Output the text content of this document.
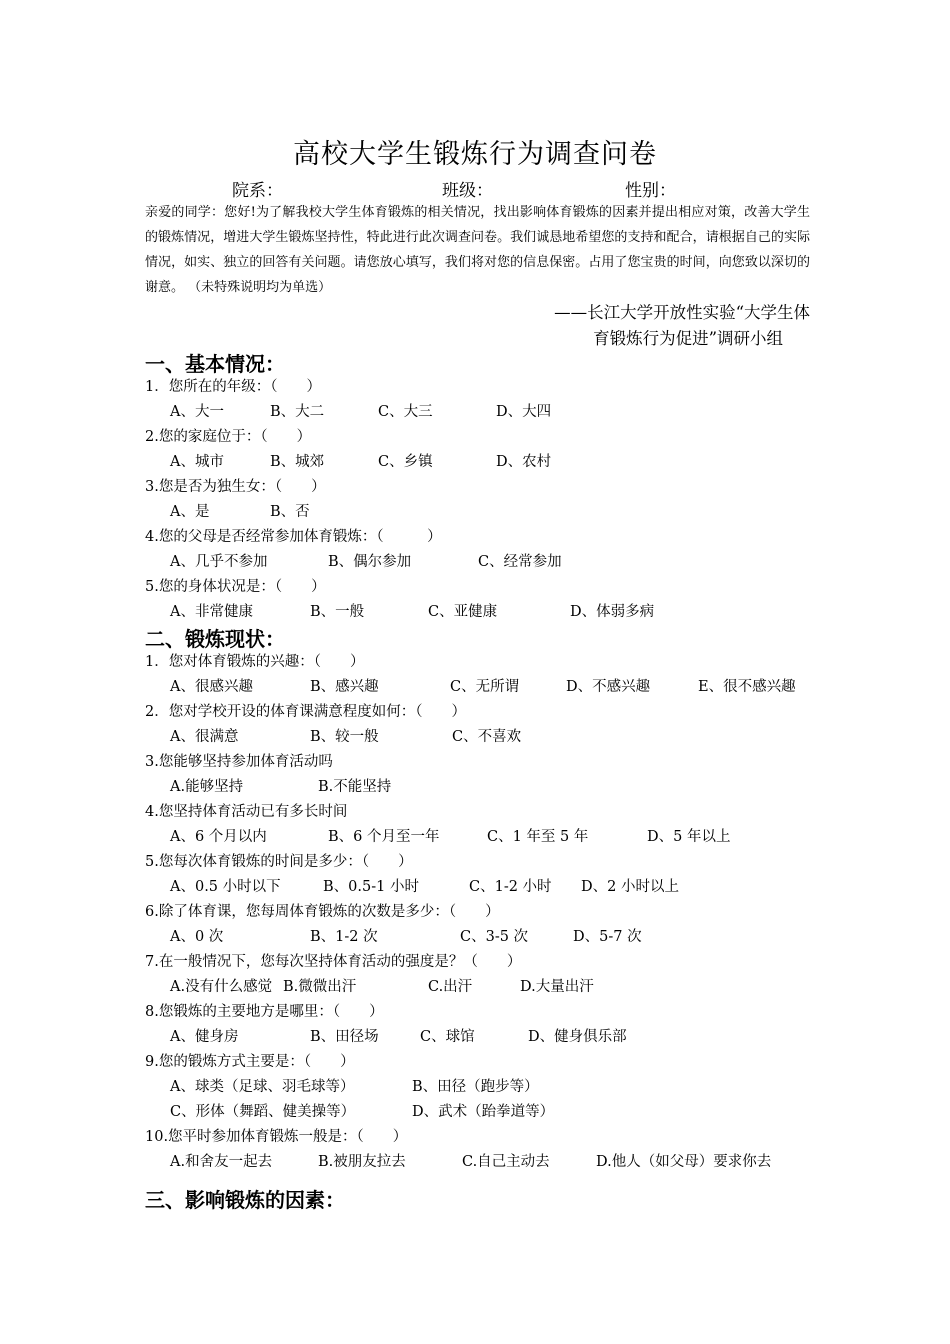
高校大学生锻炼行为调查问卷
院系：	班级：	性别：
亲爱的同学：您好!为了解我校大学生体育锻炼的相关情况，找出影响体育锻炼的因素并提出相应对策，改善大学生的锻炼情况，增进大学生锻炼坚持性，特此进行此次调查问卷。我们诚恳地希望您的支持和配合，请根据自己的实际情况，如实、独立的回答有关问题。请您放心填写，我们将对您的信息保密。占用了您宝贵的时间，向您致以深切的谢意。 （未特殊说明均为单选）
——长江大学开放性实验“大学生体
育锻炼行为促进”调研小组
一、基本情况：
1．您所在的年级：（　　）
A、大一	B、大二	C、大三	D、大四
2.您的家庭位于：（　　）
A、城市	B、城郊	C、乡镇	D、农村
3.您是否为独生女：（　　）
A、是	B、否
4.您的父母是否经常参加体育锻炼：（　　　）
A、几乎不参加	B、偶尔参加	C、经常参加
5.您的身体状况是：（　　）
A、非常健康	B、一般	C、亚健康	D、体弱多病
二、锻炼现状：
1．您对体育锻炼的兴趣：（　　）
A、很感兴趣	B、感兴趣	C、无所谓	D、不感兴趣	E、很不感兴趣
2．您对学校开设的体育课满意程度如何：（　　）
A、很满意	B、较一般	C、不喜欢
3.您能够坚持参加体育活动吗
A.能够坚持	B.不能坚持
4.您坚持体育活动已有多长时间
A、6 个月以内	B、6 个月至一年	C、1 年至 5 年	D、5 年以上
5.您每次体育锻炼的时间是多少：（　　）
A、0.5 小时以下	B、0.5-1 小时	C、1-2 小时 D、2 小时以上
6.除了体育课，您每周体育锻炼的次数是多少：（　　）
A、0 次	B、1-2 次	C、3-5 次	D、5-7 次
7.在一般情况下，您每次坚持体育活动的强度是？（　　）
A.没有什么感觉 B.微微出汗	C.出汗	D.大量出汗
8.您锻炼的主要地方是哪里：（　　）
A、健身房	B、田径场	C、球馆	D、健身俱乐部
9.您的锻炼方式主要是：（　　）
A、球类（足球、羽毛球等）	B、田径（跑步等）
C、形体（舞蹈、健美操等）	D、武术（跆拳道等）
10.您平时参加体育锻炼一般是：（　　）
A.和舍友一起去	B.被朋友拉去	C.自己主动去	D.他人（如父母）要求你去
三、影响锻炼的因素：
